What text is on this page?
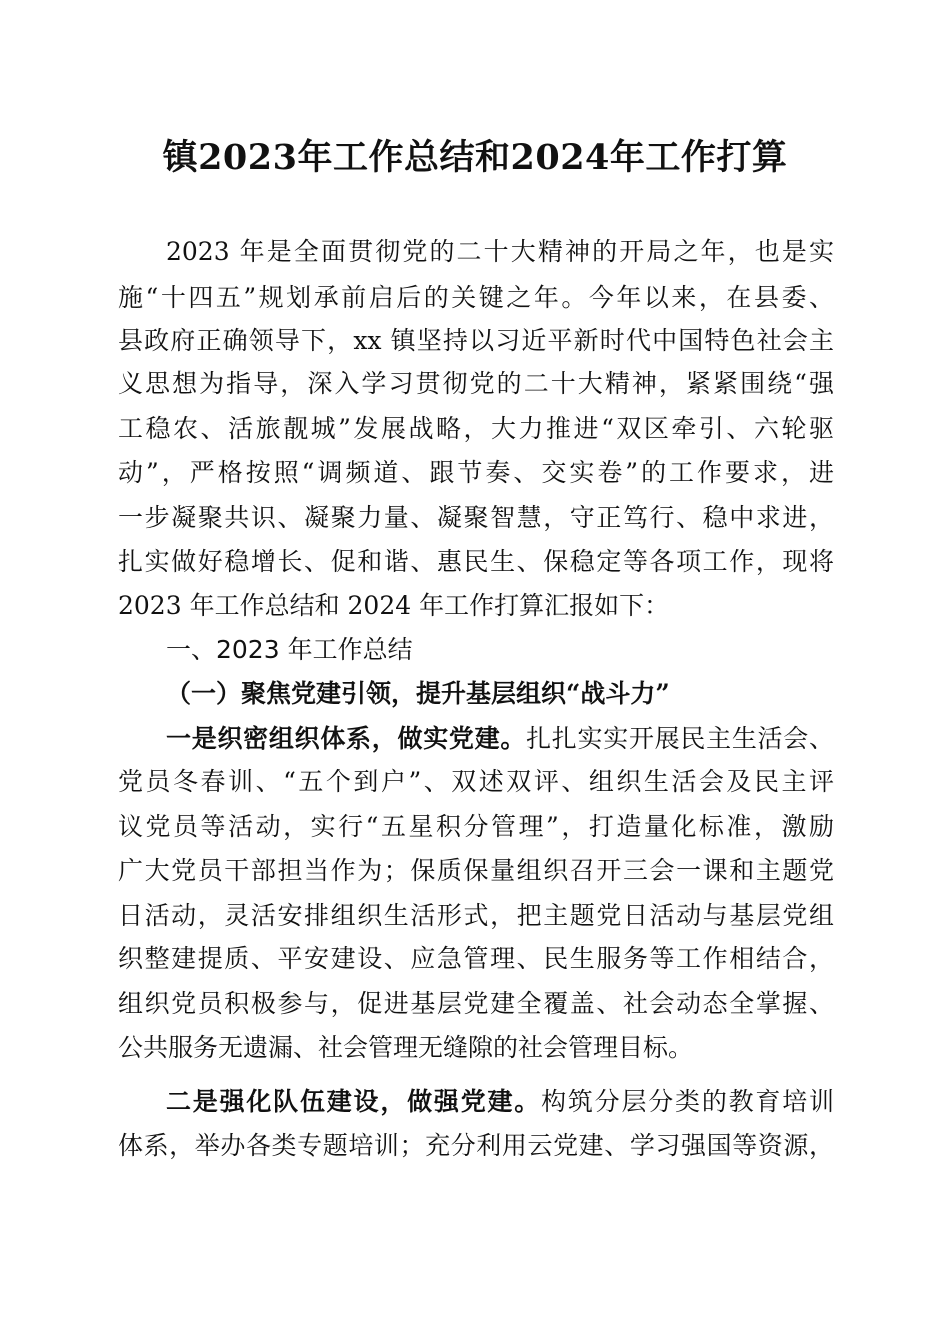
镇2023年工作总结和2024年工作打算

2023 年是全面贯彻党的二十大精神的开局之年，也是实

施“十四五”规划承前启后的关键之年。今年以来，在县委、

县政府正确领导下，xx 镇坚持以习近平新时代中国特色社会主

义思想为指导，深入学习贯彻党的二十大精神，紧紧围绕“强

工稳农、活旅靓城”发展战略，大力推进“双区牵引、六轮驱

动”，严格按照“调频道、跟节奏、交实卷”的工作要求，进

一步凝聚共识、凝聚力量、凝聚智慧，守正笃行、稳中求进，

扎实做好稳增长、促和谐、惠民生、保稳定等各项工作，现将

2023 年工作总结和 2024 年工作打算汇报如下：

一、2023 年工作总结

（一）聚焦党建引领，提升基层组织“战斗力”

一是织密组织体系，做实党建。扎扎实实开展民主生活会、

党员冬春训、“五个到户”、双述双评、组织生活会及民主评

议党员等活动，实行“五星积分管理”，打造量化标准，激励

广大党员干部担当作为；保质保量组织召开三会一课和主题党

日活动，灵活安排组织生活形式，把主题党日活动与基层党组

织整建提质、平安建设、应急管理、民生服务等工作相结合，

组织党员积极参与，促进基层党建全覆盖、社会动态全掌握、

公共服务无遗漏、社会管理无缝隙的社会管理目标。

二是强化队伍建设，做强党建。构筑分层分类的教育培训

体系，举办各类专题培训；充分利用云党建、学习强国等资源，
